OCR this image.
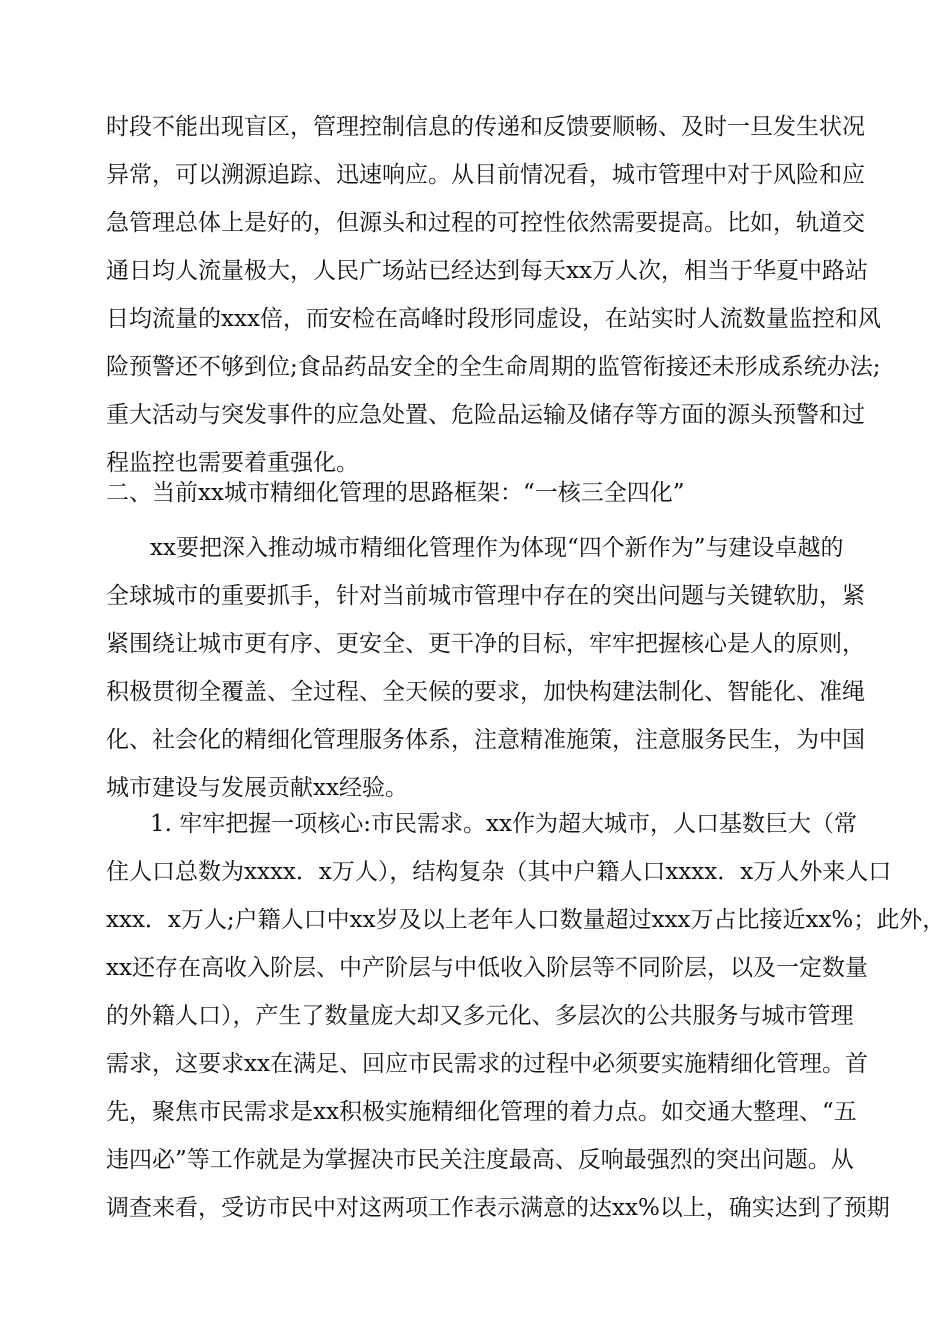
时段不能出现盲区，管理控制信息的传递和反馈要顺畅、及时一旦发生状况
异常，可以溯源追踪、迅速响应。从目前情况看，城市管理中对于风险和应
急管理总体上是好的，但源头和过程的可控性依然需要提高。比如，轨道交
通日均人流量极大，人民广场站已经达到每天xx万人次，相当于华夏中路站
日均流量的xxx倍，而安检在高峰时段形同虚设，在站实时人流数量监控和风
险预警还不够到位;食品药品安全的全生命周期的监管衔接还未形成系统办法;
重大活动与突发事件的应急处置、危险品运输及储存等方面的源头预警和过
程监控也需要着重强化。
二、当前xx城市精细化管理的思路框架：“一核三全四化”
xx要把深入推动城市精细化管理作为体现“四个新作为”与建设卓越的
全球城市的重要抓手，针对当前城市管理中存在的突出问题与关键软肋，紧
紧围绕让城市更有序、更安全、更干净的目标，牢牢把握核心是人的原则，
积极贯彻全覆盖、全过程、全天候的要求，加快构建法制化、智能化、准绳
化、社会化的精细化管理服务体系，注意精准施策，注意服务民生，为中国
城市建设与发展贡献xx经验。
1. 牢牢把握一项核心:市民需求。xx作为超大城市，人口基数巨大（常
住人口总数为xxxx．x万人），结构复杂（其中户籍人口xxxx．x万人外来人口
xxx．x万人;户籍人口中xx岁及以上老年人口数量超过xxx万占比接近xx%；此外，
xx还存在高收入阶层、中产阶层与中低收入阶层等不同阶层，以及一定数量
的外籍人口），产生了数量庞大却又多元化、多层次的公共服务与城市管理
需求，这要求xx在满足、回应市民需求的过程中必须要实施精细化管理。首
先，聚焦市民需求是xx积极实施精细化管理的着力点。如交通大整理、“五
违四必”等工作就是为掌握决市民关注度最高、反响最强烈的突出问题。从
调查来看，受访市民中对这两项工作表示满意的达xx%以上，确实达到了预期
